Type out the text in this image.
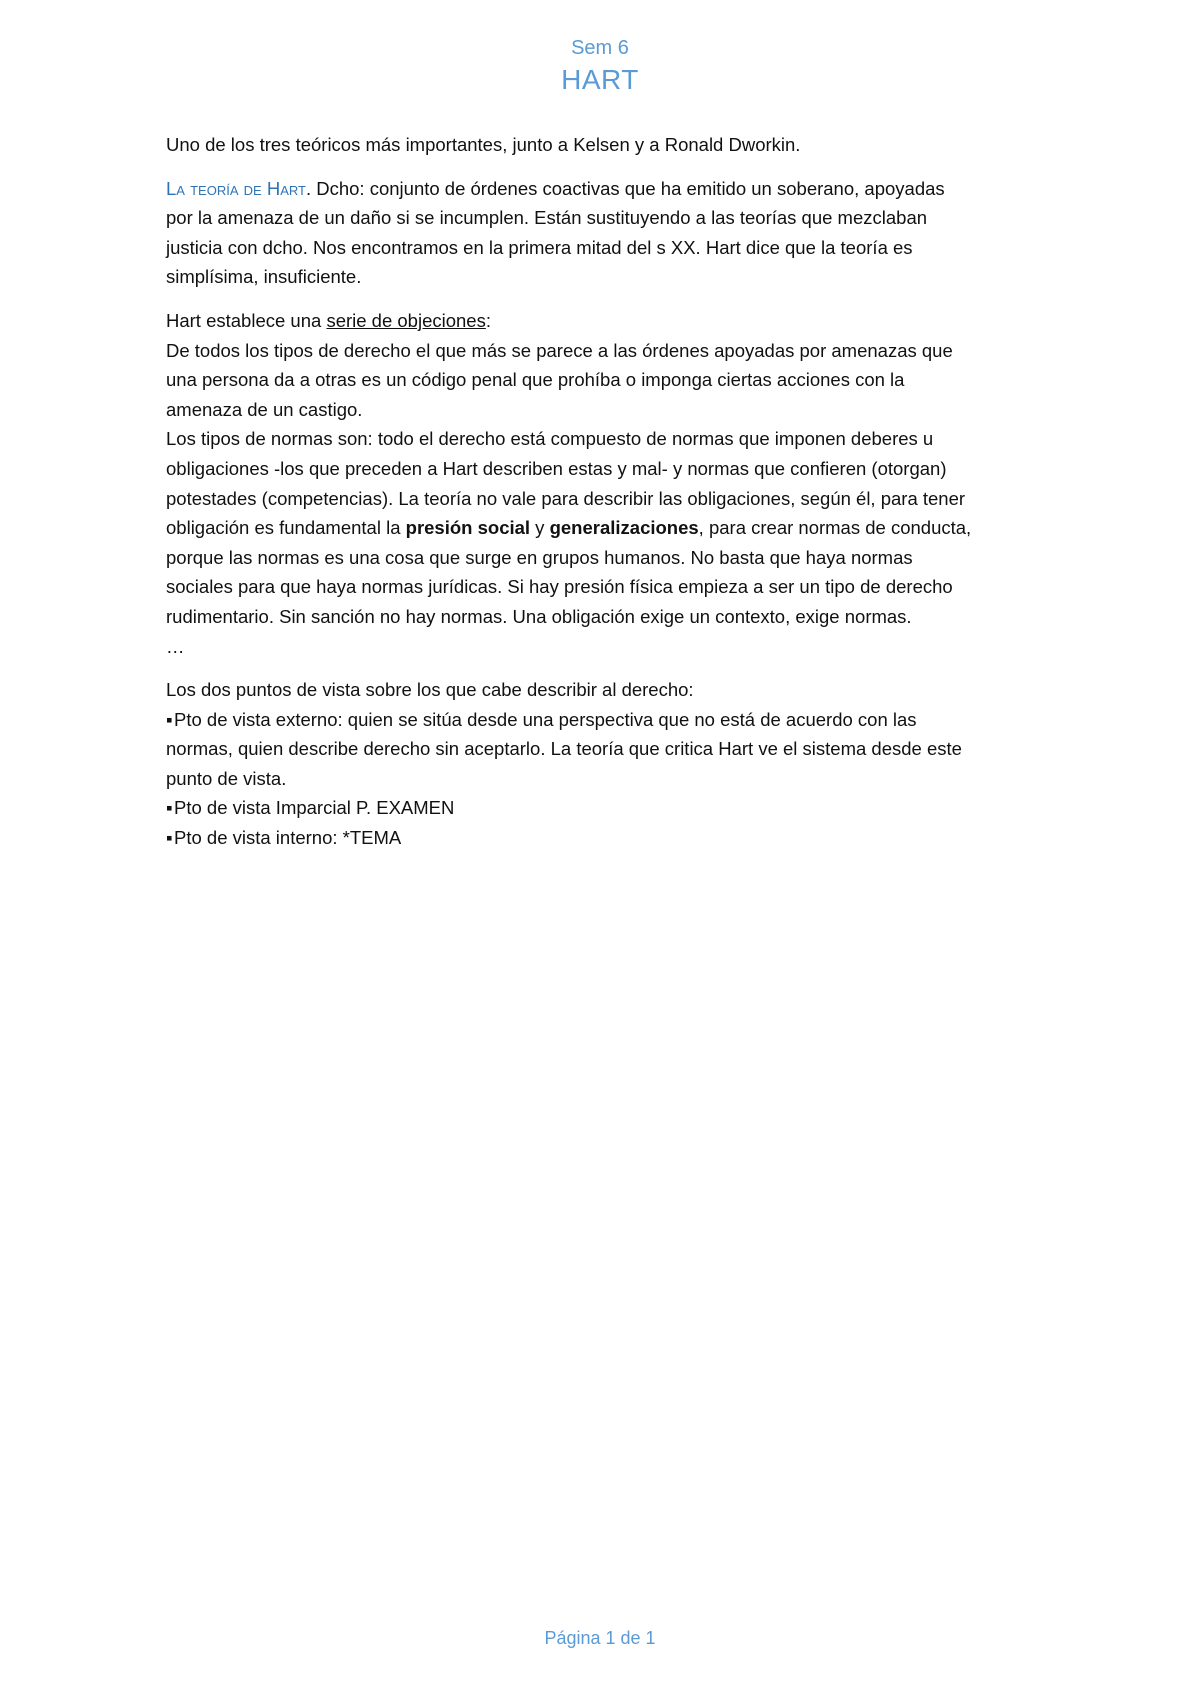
Sem 6
HART

Uno de los tres teóricos más importantes, junto a Kelsen y a Ronald Dworkin.

La teoría de Hart. Dcho: conjunto de órdenes coactivas que ha emitido un soberano, apoyadas
por la amenaza de un daño si se incumplen. Están sustituyendo a las teorías que mezclaban
justicia con dcho. Nos encontramos en la primera mitad del s XX. Hart dice que la teoría es
simplísima, insuficiente.

Hart establece una serie de objeciones:
De todos los tipos de derecho el que más se parece a las órdenes apoyadas por amenazas que
una persona da a otras es un código penal que prohíba o imponga ciertas acciones con la
amenaza de un castigo.
Los tipos de normas son: todo el derecho está compuesto de normas que imponen deberes u
obligaciones -los que preceden a Hart describen estas y mal- y normas que confieren (otorgan)
potestades (competencias). La teoría no vale para describir las obligaciones, según él, para tener
obligación es fundamental la presión social y generalizaciones, para crear normas de conducta,
porque las normas es una cosa que surge en grupos humanos. No basta que haya normas
sociales para que haya normas jurídicas. Si hay presión física empieza a ser un tipo de derecho
rudimentario. Sin sanción no hay normas. Una obligación exige un contexto, exige normas.
…

Los dos puntos de vista sobre los que cabe describir al derecho:
▪Pto de vista externo: quien se sitúa desde una perspectiva que no está de acuerdo con las
normas, quien describe derecho sin aceptarlo. La teoría que critica Hart ve el sistema desde este
punto de vista.
▪Pto de vista Imparcial P. EXAMEN
▪Pto de vista interno: *TEMA

Página 1 de 1
